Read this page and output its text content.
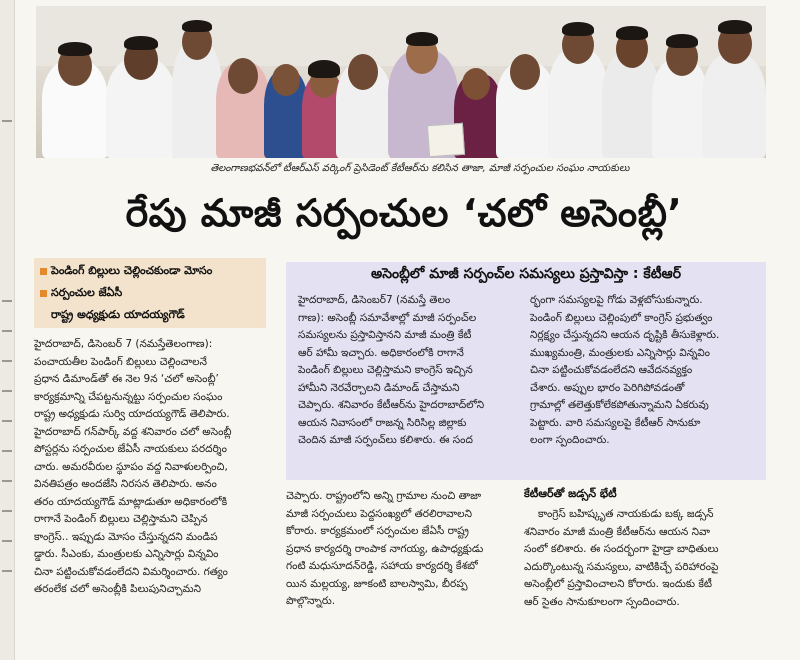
తెలంగాణభవన్‌లో టీఆర్‌ఎస్ వర్కింగ్ ప్రెసిడెంట్ కేటీఆర్‌ను కలిసిన తాజా, మాజీ సర్పంచుల సంఘం నాయకులు
రేపు మాజీ సర్పంచుల ‘చలో అసెంబ్లీ’
పెండింగ్ బిల్లులు చెల్లించకుండా మోసం
సర్పంచుల జేఏసీ
రాష్ట్ర అధ్యక్షుడు యాదయ్యగౌడ్

హైదరాబాద్, డిసెంబర్ 7 (నమస్తేతెలంగాణ):

పంచాయతీల పెండింగ్ బిల్లులు చెల్లించాలనే

ప్రధాన డిమాండ్‌తో ఈ నెల 9న ‘చలో అసెంబ్లీ’

కార్యక్రమాన్ని చేపట్టనున్నట్టు సర్పంచుల సంఘం

రాష్ట్ర అధ్యక్షుడు సుర్వి యాదయ్యగౌడ్ తెలిపారు.

హైదరాబాద్ గన్‌పార్క్ వద్ద శనివారం చలో అసెంబ్లీ

పోస్టర్లను సర్పంచుల జేఏసీ నాయకులు పరదర్శిం

చారు. అమరవీరుల స్థూపం వద్ద నివాళులర్పించి,

వినతిపత్రం అందజేసి నిరసన తెలిపారు. అనం

తరం యాదయ్యగౌడ్ మాట్లాడుతూ అధికారంలోకి

రాగానే పెండింగ్ బిల్లులు చెల్లిస్తామని చెప్పిన

కాంగ్రెస్.. ఇప్పుడు మోసం చేస్తున్నదని మండిప

డ్డారు. సీఎంకు, మంత్రులకు ఎన్నిసార్లు విన్నవిం

చినా పట్టించుకోవడంలేదని విమర్శించారు. గత్యం

తరంలేక చలో అసెంబ్లీకి పిలుపునిచ్చామని

అసెంబ్లీలో మాజీ సర్పంచ్‌ల సమస్యలు ప్రస్తావిస్తా : కేటీఆర్

హైదరాబాద్, డిసెంబర్7 (నమస్తే తెలం

గాణ): అసెంబ్లీ సమావేశాల్లో మాజీ సర్పంచ్‌ల

సమస్యలను ప్రస్తావిస్తానని మాజీ మంత్రి కేటీ

ఆర్ హామీ ఇచ్చారు. అధికారంలోకి రాగానే

పెండింగ్ బిల్లులు చెల్లిస్తామని కాంగ్రెస్ ఇచ్చిన

హామీని నెరవేర్చాలని డిమాండ్ చేస్తామని

చెప్పారు. శనివారం కేటీఆర్‌ను హైదరాబాద్‌లోని

ఆయన నివాసంలో రాజన్న సిరిసిల్ల జిల్లాకు

చెందిన మాజీ సర్పంచ్‌లు కలిశారు. ఈ సంద

ర్భంగా సమస్యలపై గోడు వెళ్లబోసుకున్నారు.

పెండింగ్ బిల్లులు చెల్లింపులో కాంగ్రెస్ ప్రభుత్వం

నిర్లక్ష్యం చేస్తున్నదని ఆయన దృష్టికి తీసుకెళ్లారు.

ముఖ్యమంత్రి, మంత్రులకు ఎన్నిసార్లు విన్నవిం

చినా పట్టించుకోవడంలేదని ఆవేదనవ్యక్తం

చేశారు. అప్పుల భారం పెరిగిపోవడంతో

గ్రామాల్లో తలెత్తుకోలేకపోతున్నామని ఏకరువు

పెట్టారు. వారి సమస్యలపై కేటీఆర్ సానుకూ

లంగా స్పందించారు.

చెప్పారు. రాష్ట్రంలోని అన్ని గ్రామాల నుంచి తాజా

మాజీ సర్పంచులు పెద్దసంఖ్యలో తరలిరావాలని

కోరారు. కార్యక్రమంలో సర్పంచుల జేఏసీ రాష్ట్ర

ప్రధాన కార్యదర్శి రాంపాక నాగయ్య, ఉపాధ్యక్షుడు

గంటి మధుసూదన్‌రెడ్డి, సహాయ కార్యదర్శి కేశబో

యిన మల్లయ్య, జూకంటి బాలస్వామి, బీరప్ప

పొల్గొన్నారు.

కేటీఆర్‌తో జడ్సన్ భేటీ

కాంగ్రెస్ బహిష్కృత నాయకుడు బక్క జడ్సన్

శనివారం మాజీ మంత్రి కేటీఆర్‌ను ఆయన నివా

సంలో కలిశారు. ఈ సందర్భంగా హైడ్రా బాధితులు

ఎదుర్కొంటున్న సమస్యలు, వాటికిచ్చే పరిహారంపై

అసెంబ్లీలో ప్రస్తావించాలని కోరారు. ఇందుకు కేటీ

ఆర్ సైతం సానుకూలంగా స్పందించారు.
